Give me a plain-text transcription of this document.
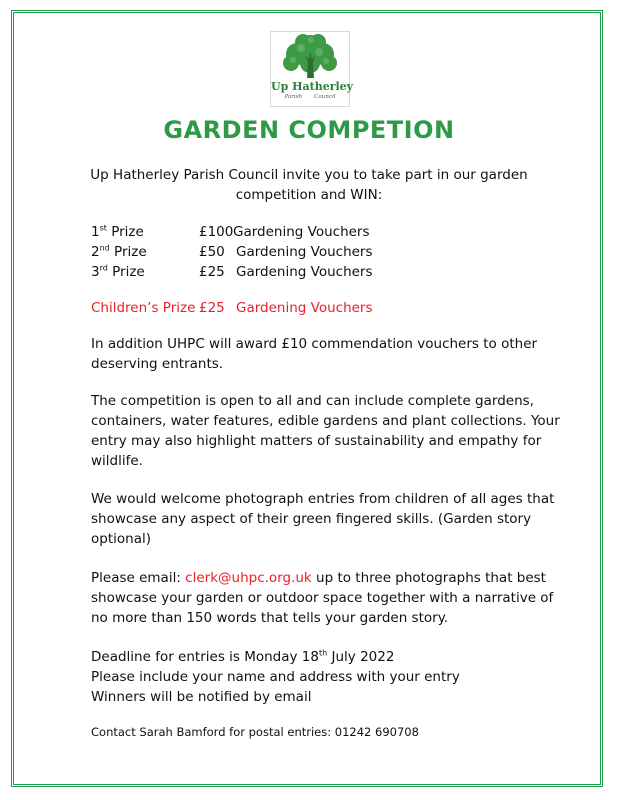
Up Hatherley
Parish Council
GARDEN COMPETION
Up Hatherley Parish Council invite you to take part in our garden
competition and WIN:
1st Prize	£100 Gardening Vouchers
2nd Prize	£50 Gardening Vouchers
3rd Prize	£25 Gardening Vouchers
Children’s Prize £25 Gardening Vouchers
In addition UHPC will award £10 commendation vouchers to other deserving entrants.
The competition is open to all and can include complete gardens, containers, water features, edible gardens and plant collections. Your entry may also highlight matters of sustainability and empathy for wildlife.
We would welcome photograph entries from children of all ages that showcase any aspect of their green fingered skills. (Garden story optional)
Please email: clerk@uhpc.org.uk up to three photographs that best showcase your garden or outdoor space together with a narrative of no more than 150 words that tells your garden story.
Deadline for entries is Monday 18th July 2022
Please include your name and address with your entry
Winners will be notified by email
Contact Sarah Bamford for postal entries: 01242 690708
